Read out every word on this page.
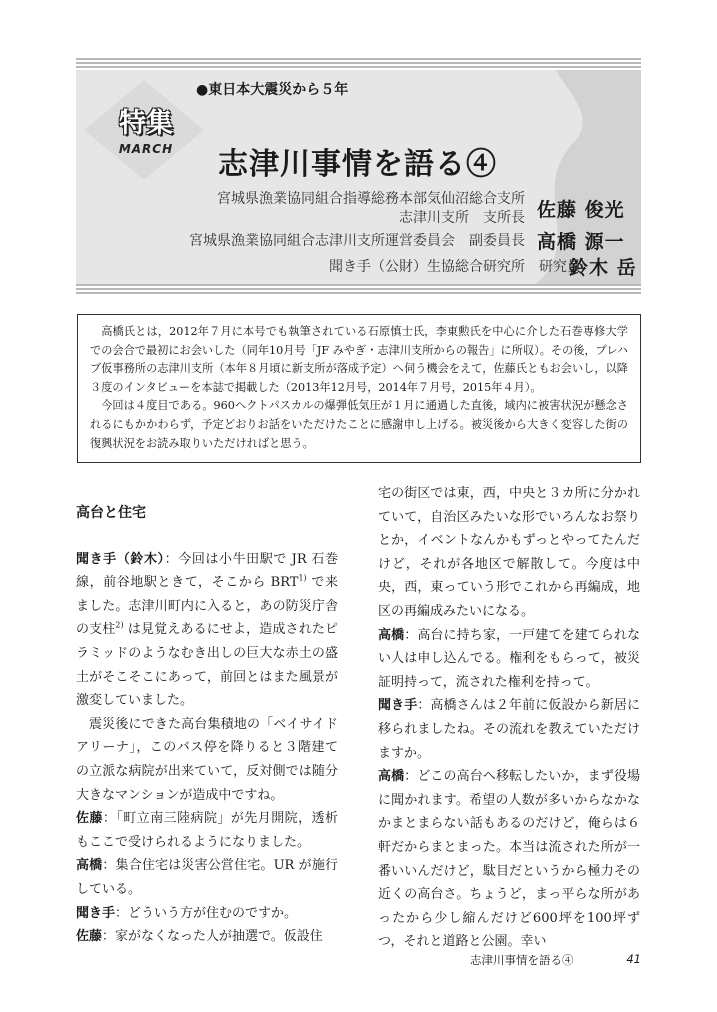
●東日本大震災から５年
特集
MARCH	志津川事情を語る④
宮城県漁業協同組合指導総務本部気仙沼総合支所
志津川支所　支所長 佐藤 俊光
宮城県漁業協同組合志津川支所運営委員会　副委員長 高橋 源一
聞き手（公財）生協総合研究所　研究員
鈴木 岳

高橋氏とは，2012年７月に本号でも執筆されている石原慎士氏，李東勲氏を中心に介した石巻専修大学での会合で最初にお会いした（同年10月号「JF みやぎ・志津川支所からの報告」に所収）。その後，プレハブ仮事務所の志津川支所（本年８月頃に新支所が落成予定）へ伺う機会をえて，佐藤氏ともお会いし，以降３度のインタビューを本誌で掲載した（2013年12月号，2014年７月号，2015年４月）。

今回は４度目である。960ヘクトパスカルの爆弾低気圧が１月に通過した直後，域内に被害状況が懸念されるにもかかわらず，予定どおりお話をいただけたことに感謝申し上げる。被災後から大きく変容した街の復興状況をお読み取りいただければと思う。

高台と住宅

聞き手（鈴木）：今回は小牛田駅で JR 石巻線，前谷地駅ときて，そこから BRT$^{1)}$ で来ました。志津川町内に入ると，あの防災庁舎の支柱$^{2)}$ は見覚えあるにせよ，造成されたピラミッドのようなむき出しの巨大な赤土の盛土がそこそこにあって，前回とはまた風景が激変していました。

震災後にできた高台集積地の「ベイサイドアリーナ」，このバス停を降りると３階建ての立派な病院が出来ていて，反対側では随分大きなマンションが造成中ですね。

佐藤：「町立南三陸病院」が先月開院，透析もここで受けられるようになりました。

高橋：集合住宅は災害公営住宅。UR が施行している。

聞き手：どういう方が住むのですか。

佐藤：家がなくなった人が抽選で。仮設住

宅の街区では東，西，中央と３カ所に分かれていて，自治区みたいな形でいろんなお祭りとか，イベントなんかもずっとやってたんだけど，それが各地区で解散して。今度は中央，西，東っていう形でこれから再編成，地区の再編成みたいになる。

高橋：高台に持ち家，一戸建てを建てられない人は申し込んでる。権利をもらって，被災証明持って，流された権利を持って。

聞き手：高橋さんは２年前に仮設から新居に移られましたね。その流れを教えていただけますか。

高橋：どこの高台へ移転したいか，まず役場に聞かれます。希望の人数が多いからなかなかまとまらない話もあるのだけど，俺らは６軒だからまとまった。本当は流された所が一番いいんだけど，駄目だというから極力その近くの高台さ。ちょうど，まっ平らな所があったから少し縮んだけど600坪を100坪ずつ，それと道路と公園。幸い

志津川事情を語る④	41
